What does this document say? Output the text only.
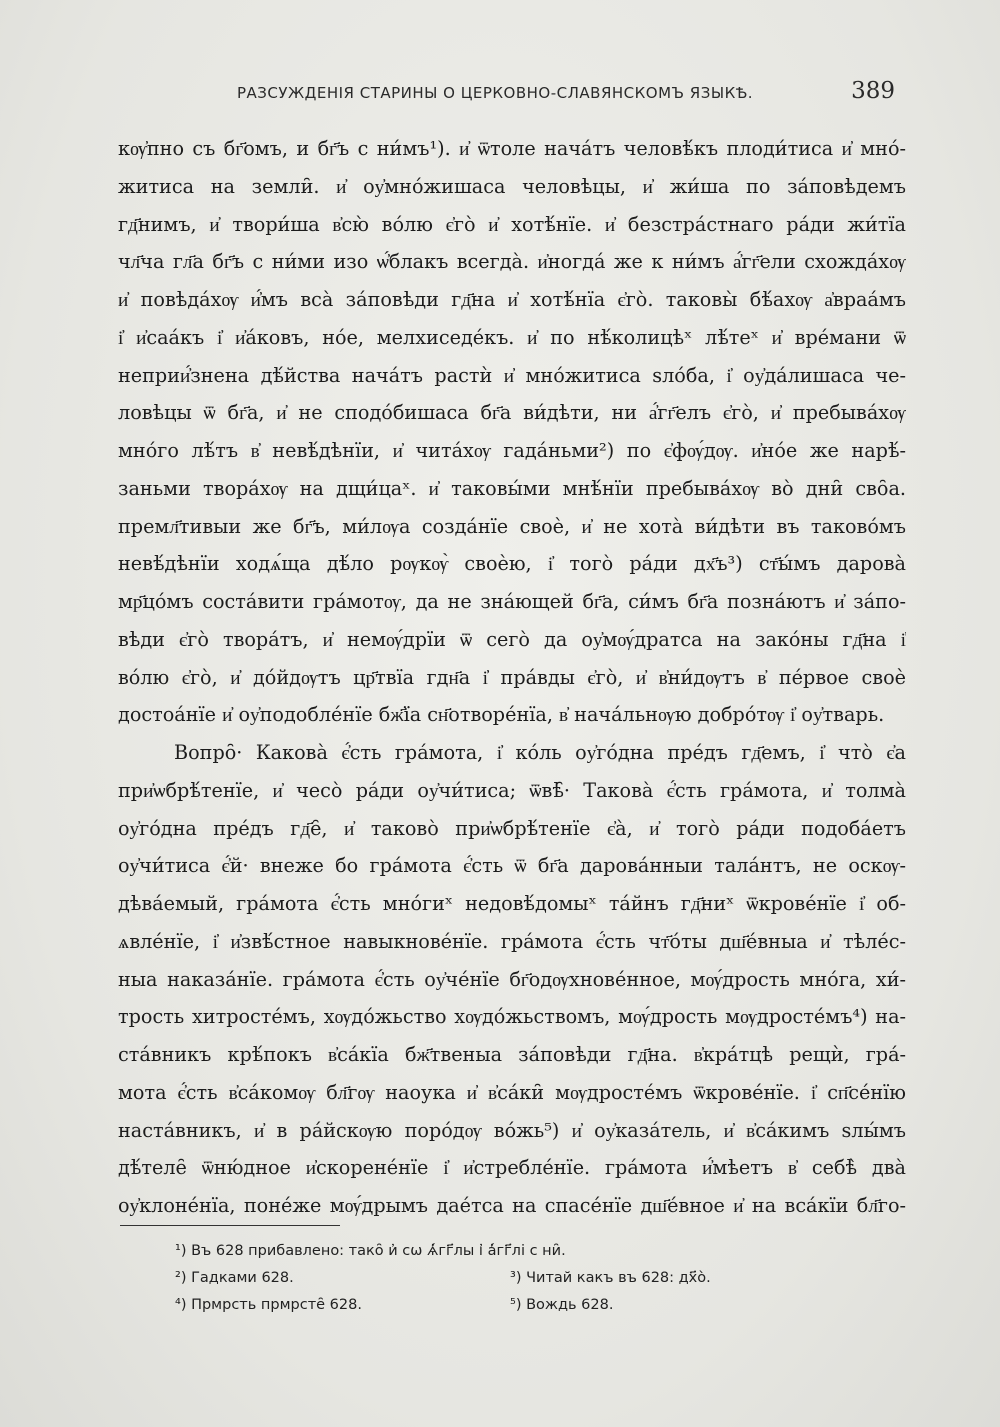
РАЗСУЖДЕНІЯ СТАРИНЫ О ЦЕРКОВНО-СЛАВЯНСКОМЪ ЯЗЫКѢ.	389
кѹ҆пно съ бг҃омъ, и бг҃ъ с ни́мъ¹). и҆ ѿтоле нача́тъ человѣ́къ плоди́тиса и҆ мно́-
житиса на земли̑. и҆ оу҆мно́жишаса человѣцы, и҆ жи́ша по за́повѣдемъ
гд҃нимъ, и҆ твори́ша в҆сю̀ во́лю є҆го̀ и҆ хотѣ́нїе. и҆ безстра́стнаго ра́ди жи́тїа
чл҃ча гл҃а бг҃ъ с ни́ми изо ѡ҆́блакъ всегда̀. и҆ногда́ же к ни́мъ а҆́гг҃ели схожда́хѹ
и҆ повѣда́хѹ и҆́мъ вса̀ за́повѣди гд҃на и҆ хотѣ́нїа є҆го̀. таковы̀ бѣ́ахѹ а҆враа́мъ
і҆ и҆саа́къ і҆ и҆а́ковъ, но́е, мелхиседе́къ. и҆ по нѣ́колицѣˣ лѣ́теˣ и҆ вре́мани ѿ
неприи҆́знена дѣ́йства нача́тъ растѝ и҆ мно́житиса ѕло́ба, і҆ оу҆да́лишаса че-
ловѣцы ѿ бг҃а, и҆ не сподо́бишаса бг҃а ви́дѣти, ни а҆́гг҃елъ є҆го̀, и҆ пребыва́хѹ
мно́го лѣ́тъ в҆ невѣ́дѣнїи, и҆ чита́хѹ гада́ньми²) по є҆фѹ́дѹ. и҆но́е же нарѣ́-
заньми твора́хѹ на дщи́цаˣ. и҆ таковы́ми мнѣ́нїи пребыва́хѹ во̀ дни̑ сво̑а.
премл҃тивыи же бг҃ъ, ми́лѹа созда́нїе своѐ, и҆ не хота̀ ви́дѣти въ таково́мъ
невѣ́дѣнїи ходѧ́ща дѣ́ло рѹкѹ̀ своѐю, і҆ того̀ ра́ди дх҃ъ³) ст҃ы́мъ дарова̀
мр҃цо́мъ соста́вити гра́мотѹ, да не зна́ющей бг҃а, си́мъ бг҃а позна́ютъ и҆ за́по-
вѣди є҆го̀ твора́тъ, и҆ немѹ́дрїи ѿ сего̀ да оу҆мѹ́дратса на зако́ны гд҃на і҆
во́лю є҆го̀, и҆ до́йдѹтъ цр҃твїа гдн҃а і҆ пра́вды є҆го̀, и҆ в҆ни́дѹтъ в҆ пе́рвое своѐ
достоа́нїе и҆ оу҆подобле́нїе бж҃їа сн҃отворе́нїа, в҆ нача́льнѹю добро́тѹ і҆ оу҆тварь.
Вопро̑· Какова̀ є҆́сть гра́мота, і҆ ко́ль оу҆го́дна пре́дъ гд҃емъ, і҆ что̀ є҆а
при҆ѡбрѣ́тенїе, и҆ чесо̀ ра́ди оу҆чи́тиса; ѿвѣ̑· Такова̀ є҆́сть гра́мота, и҆ толма̀
оу҆го́дна пре́дъ гд҃е̑, и҆ таково̀ при҆ѡбрѣ́тенїе є҆а̀, и҆ того̀ ра́ди подоба́етъ
оу҆чи́тиса є҆́й· внеже бо гра́мота є҆́сть ѿ бг҃а дарова́нныи тала́нтъ, не оскѹ-
дѣва́емый, гра́мота є҆́сть мно́гиˣ недовѣ́домыˣ та́йнъ гд҃ниˣ ѿкрове́нїе і҆ об-
ѧвле́нїе, і҆ и҆звѣ́стное навыкнове́нїе. гра́мота є҆́сть чт҃о́ты дш҃е́вныа и҆ тѣле́с-
ныа наказа́нїе. гра́мота є҆́сть оу҆че́нїе бг҃одѹхнове́нное, мѹ́дрость мно́га, хи́-
трость хитросте́мъ, хѹдо́жьство хѹдо́жьствомъ, мѹ́дрость мѹдросте́мъ⁴) на-
ста́вникъ крѣ́покъ в҆са́кїа бж҃твеныа за́повѣди гд҃на. в҆кра́тцѣ рещѝ, гра́-
мота є҆́сть в҆са́комѹ бл҃гѹ наоука и҆ в҆са́ки̑ мѹдросте́мъ ѿкрове́нїе. і҆ сп҃се́нїю
наста́вникъ, и҆ в ра́йскѹю поро́дѹ во́жь⁵) и҆ оу҆каза́тель, и҆ в҆са́кимъ ѕлы́мъ
дѣ́теле̑ ѿню́дное и҆скорене́нїе і҆ и҆стребле́нїе. гра́мота и҆́мѣетъ в҆ себѣ̀ два̀
оу҆клоне́нїа, поне́же мѹ́дрымъ дае́тса на спасе́нїе дш҃е́вное и҆ на вса́кїи бл҃го-
¹) Въ 628 прибавлено: тако̑ и҆ сѡ ѧ҆́гг҃лы і҆ а҆́гг҃лі с ни̑.
²) Гадками 628.	³) Читай какъ въ 628: дх҃о̀.
⁴) Прмрсть прмрсте̑ 628.	⁵) Вождь 628.
